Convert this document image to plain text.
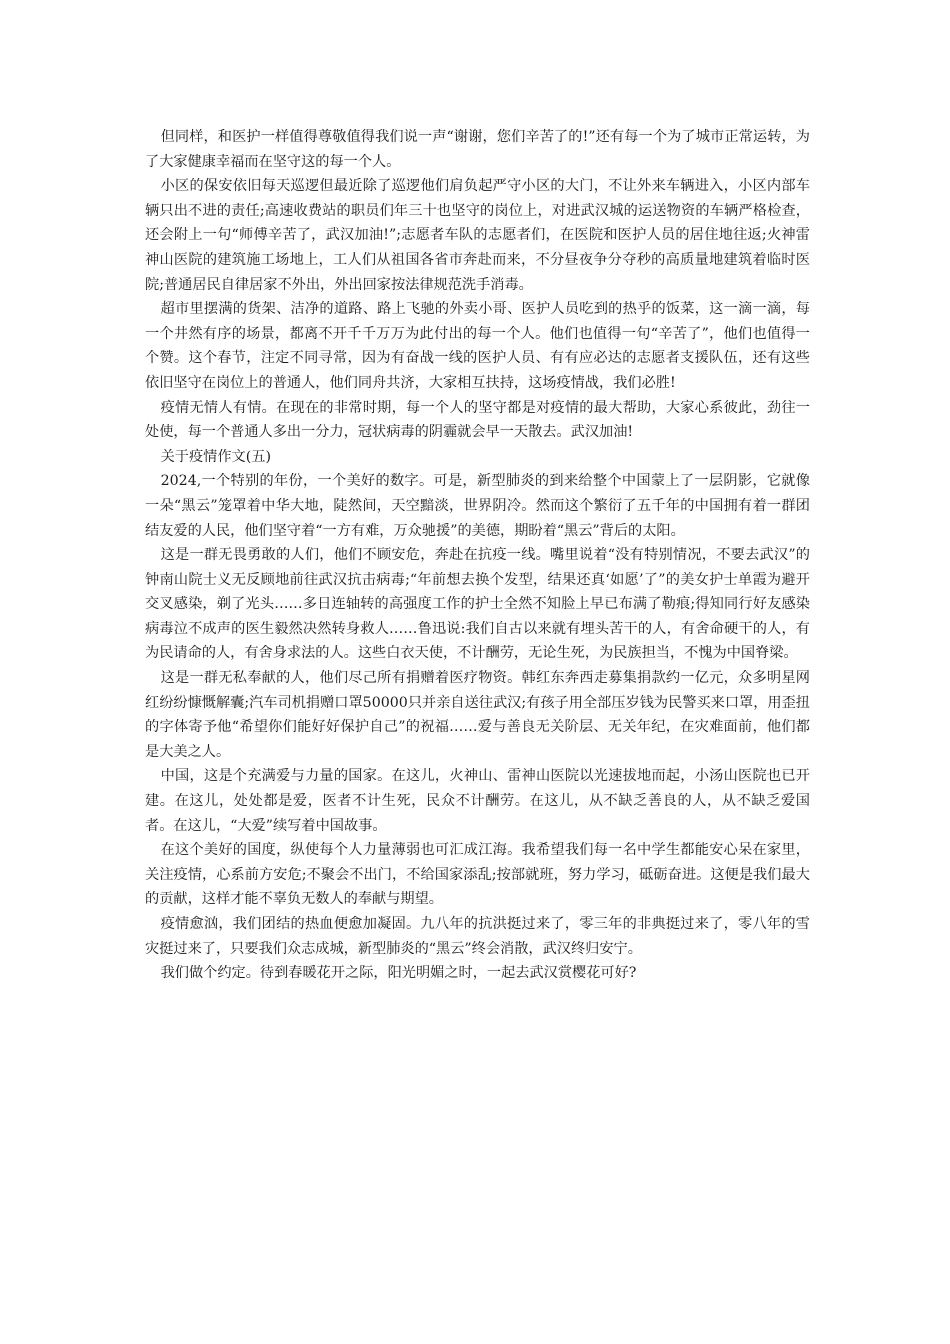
但同样，和医护一样值得尊敬值得我们说一声“谢谢，您们辛苦了的!”还有每一个为了城市正常运转，为了大家健康幸福而在坚守这的每一个人。

小区的保安依旧每天巡逻但最近除了巡逻他们肩负起严守小区的大门，不让外来车辆进入，小区内部车辆只出不进的责任;高速收费站的职员们年三十也坚守的岗位上，对进武汉城的运送物资的车辆严格检查，还会附上一句“师傅辛苦了，武汉加油!”;志愿者车队的志愿者们，在医院和医护人员的居住地往返;火神雷神山医院的建筑施工场地上，工人们从祖国各省市奔赴而来，不分昼夜争分夺秒的高质量地建筑着临时医院;普通居民自律居家不外出，外出回家按法律规范洗手消毒。

超市里摆满的货架、洁净的道路、路上飞驰的外卖小哥、医护人员吃到的热乎的饭菜，这一滴一滴，每一个井然有序的场景，都离不开千千万万为此付出的每一个人。他们也值得一句“辛苦了”，他们也值得一个赞。这个春节，注定不同寻常，因为有奋战一线的医护人员、有有应必达的志愿者支援队伍，还有这些依旧坚守在岗位上的普通人，他们同舟共济，大家相互扶持，这场疫情战，我们必胜!

疫情无情人有情。在现在的非常时期，每一个人的坚守都是对疫情的最大帮助，大家心系彼此，劲往一处使，每一个普通人多出一分力，冠状病毒的阴霾就会早一天散去。武汉加油!

关于疫情作文(五)

2024,一个特别的年份，一个美好的数字。可是，新型肺炎的到来给整个中国蒙上了一层阴影，它就像一朵“黑云”笼罩着中华大地，陡然间，天空黯淡，世界阴冷。然而这个繁衍了五千年的中国拥有着一群团结友爱的人民，他们坚守着“一方有难，万众驰援”的美德，期盼着“黑云”背后的太阳。

这是一群无畏勇敢的人们，他们不顾安危，奔赴在抗疫一线。嘴里说着“没有特别情况，不要去武汉”的钟南山院士义无反顾地前往武汉抗击病毒;“年前想去换个发型，结果还真‘如愿’了”的美女护士单霞为避开交叉感染，剃了光头……多日连轴转的高强度工作的护士全然不知脸上早已布满了勒痕;得知同行好友感染病毒泣不成声的医生毅然决然转身救人……鲁迅说:我们自古以来就有埋头苦干的人，有舍命硬干的人，有为民请命的人，有舍身求法的人。这些白衣天使，不计酬劳，无论生死，为民族担当，不愧为中国脊梁。

这是一群无私奉献的人，他们尽己所有捐赠着医疗物资。韩红东奔西走募集捐款约一亿元，众多明星网红纷纷慷慨解囊;汽车司机捐赠口罩50000只并亲自送往武汉;有孩子用全部压岁钱为民警买来口罩，用歪扭的字体寄予他“希望你们能好好保护自己”的祝福……爱与善良无关阶层、无关年纪，在灾难面前，他们都是大美之人。

中国，这是个充满爱与力量的国家。在这儿，火神山、雷神山医院以光速拔地而起，小汤山医院也已开建。在这儿，处处都是爱，医者不计生死，民众不计酬劳。在这儿，从不缺乏善良的人，从不缺乏爱国者。在这儿，“大爱”续写着中国故事。

在这个美好的国度，纵使每个人力量薄弱也可汇成江海。我希望我们每一名中学生都能安心呆在家里，关注疫情，心系前方安危;不聚会不出门，不给国家添乱;按部就班，努力学习，砥砺奋进。这便是我们最大的贡献，这样才能不辜负无数人的奉献与期望。

疫情愈汹，我们团结的热血便愈加凝固。九八年的抗洪挺过来了，零三年的非典挺过来了，零八年的雪灾挺过来了，只要我们众志成城，新型肺炎的“黑云”终会消散，武汉终归安宁。

我们做个约定。待到春暖花开之际，阳光明媚之时，一起去武汉赏樱花可好?
